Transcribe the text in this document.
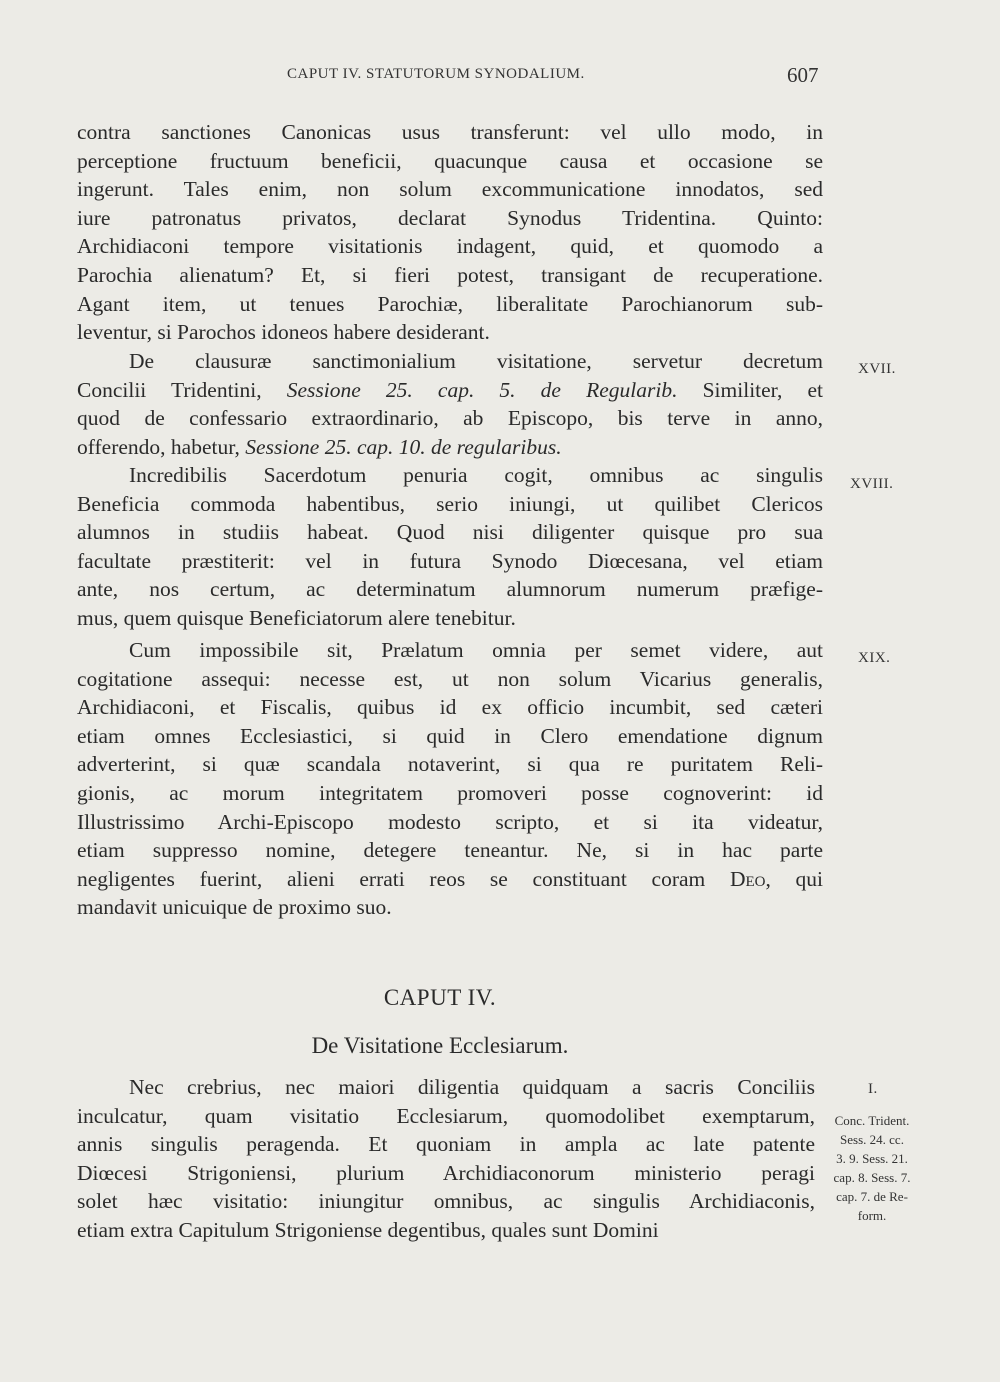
CAPUT IV. STATUTORUM SYNODALIUM.	607
contra sanctiones Canonicas usus transferunt: vel ullo modo, in
perceptione fructuum beneficii, quacunque causa et occasione se
ingerunt. Tales enim, non solum excommunicatione innodatos, sed
iure patronatus privatos, declarat Synodus Tridentina. Quinto:
Archidiaconi tempore visitationis indagent, quid, et quomodo a
Parochia alienatum? Et, si fieri potest, transigant de recuperatione.
Agant item, ut tenues Parochiæ, liberalitate Parochianorum sub-
leventur, si Parochos idoneos habere desiderant.
XVII.
De clausuræ sanctimonialium visitatione, servetur decretum
Concilii Tridentini, Sessione 25. cap. 5. de Regularib. Similiter, et
quod de confessario extraordinario, ab Episcopo, bis terve in anno,
offerendo, habetur, Sessione 25. cap. 10. de regularibus.
XVIII.
Incredibilis Sacerdotum penuria cogit, omnibus ac singulis
Beneficia commoda habentibus, serio iniungi, ut quilibet Clericos
alumnos in studiis habeat. Quod nisi diligenter quisque pro sua
facultate præstiterit: vel in futura Synodo Diœcesana, vel etiam
ante, nos certum, ac determinatum alumnorum numerum præfige-
mus, quem quisque Beneficiatorum alere tenebitur.
XIX.
Cum impossibile sit, Prælatum omnia per semet videre, aut
cogitatione assequi: necesse est, ut non solum Vicarius generalis,
Archidiaconi, et Fiscalis, quibus id ex officio incumbit, sed cæteri
etiam omnes Ecclesiastici, si quid in Clero emendatione dignum
adverterint, si quæ scandala notaverint, si qua re puritatem Reli-
gionis, ac morum integritatem promoveri posse cognoverint: id
Illustrissimo Archi-Episcopo modesto scripto, et si ita videatur,
etiam suppresso nomine, detegere teneantur. Ne, si in hac parte
negligentes fuerint, alieni errati reos se constituant coram Deo, qui
mandavit unicuique de proximo suo.
CAPUT IV.
De Visitatione Ecclesiarum.
I.
Nec crebrius, nec maiori diligentia quidquam a sacris Conciliis
inculcatur, quam visitatio Ecclesiarum, quomodolibet exemptarum,
annis singulis peragenda. Et quoniam in ampla ac late patente
Diœcesi Strigoniensi, plurium Archidiaconorum ministerio peragi
solet hæc visitatio: iniungitur omnibus, ac singulis Archidiaconis,
etiam extra Capitulum Strigoniense degentibus, quales sunt Domini
Conc. Trident.
Sess. 24. cc.
3. 9. Sess. 21.
cap. 8. Sess. 7.
cap. 7. de Re-
form.
